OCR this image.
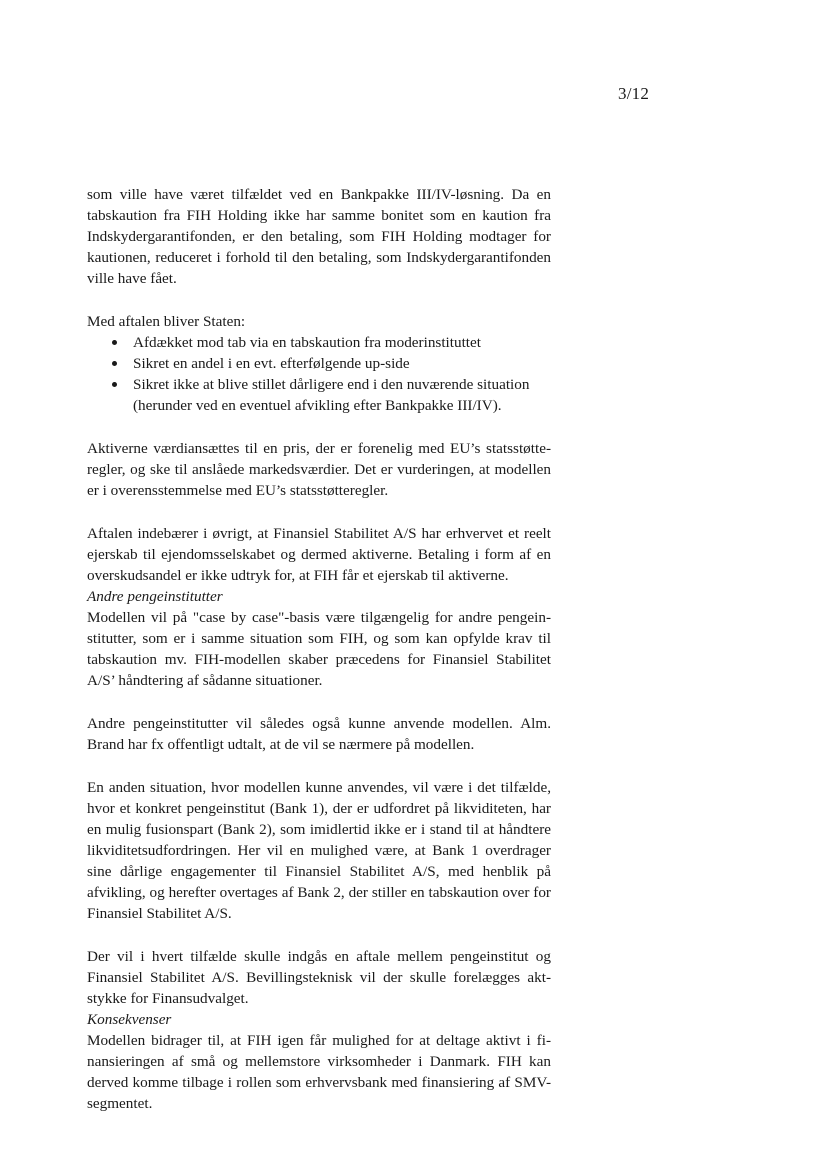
3/12

som ville have været tilfældet ved en Bankpakke III/IV-løsning. Da en tabskaution fra FIH Holding ikke har samme bonitet som en kaution fra Indskydergarantifonden, er den betaling, som FIH Holding modtager for kautionen, reduceret i forhold til den betaling, som Indskydergarantifonden ville have fået.

Med aftalen bliver Staten:

Afdækket mod tab via en tabskaution fra moderinstituttet
Sikret en andel i en evt. efterfølgende up-side
Sikret ikke at blive stillet dårligere end i den nuværende situation (herunder ved en eventuel afvikling efter Bankpakke III/IV).

Aktiverne værdiansættes til en pris, der er forenelig med EU’s statsstøtteregler, og ske til anslåede markedsværdier. Det er vurderingen, at modellen er i overensstemmelse med EU’s statsstøtteregler.

Aftalen indebærer i øvrigt, at Finansiel Stabilitet A/S har erhvervet et reelt ejerskab til ejendomsselskabet og dermed aktiverne. Betaling i form af en overskudsandel er ikke udtryk for, at FIH får et ejerskab til aktiverne.

Andre pengeinstitutter

Modellen vil på "case by case"-basis være tilgængelig for andre pengeinstitutter, som er i samme situation som FIH, og som kan opfylde krav til tabskaution mv. FIH-modellen skaber præcedens for Finansiel Stabilitet A/S’ håndtering af sådanne situationer.

Andre pengeinstitutter vil således også kunne anvende modellen. Alm. Brand har fx offentligt udtalt, at de vil se nærmere på modellen.

En anden situation, hvor modellen kunne anvendes, vil være i det tilfælde, hvor et konkret pengeinstitut (Bank 1), der er udfordret på likviditeten, har en mulig fusionspart (Bank 2), som imidlertid ikke er i stand til at håndtere likviditetsudfordringen. Her vil en mulighed være, at Bank 1 overdrager sine dårlige engagementer til Finansiel Stabilitet A/S, med henblik på afvikling, og herefter overtages af Bank 2, der stiller en tabskaution over for Finansiel Stabilitet A/S.

Der vil i hvert tilfælde skulle indgås en aftale mellem pengeinstitut og Finansiel Stabilitet A/S. Bevillingsteknisk vil der skulle forelægges aktstykke for Finansudvalget.

Konsekvenser

Modellen bidrager til, at FIH igen får mulighed for at deltage aktivt i finansieringen af små og mellemstore virksomheder i Danmark. FIH kan derved komme tilbage i rollen som erhvervsbank med finansiering af SMV-segmentet.
